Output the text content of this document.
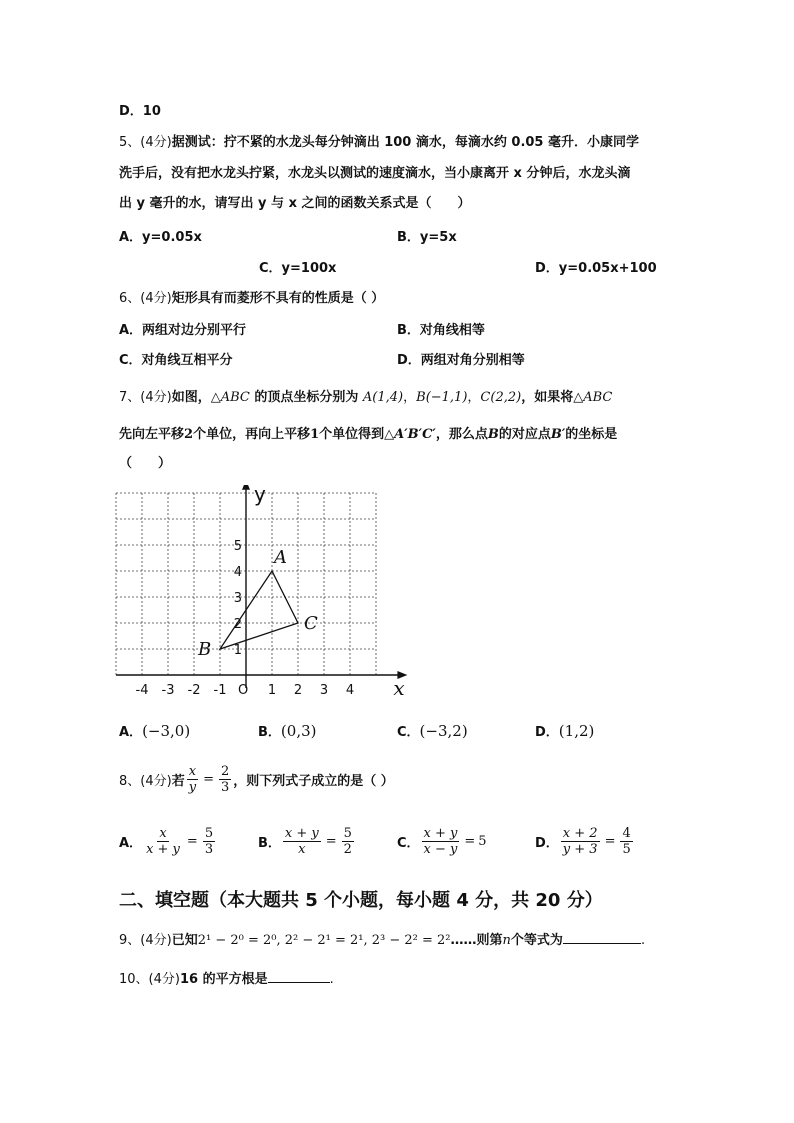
D．10
5、(4分)据测试：拧不紧的水龙头每分钟滴出 100 滴水，每滴水约 0.05 毫升．小康同学
洗手后，没有把水龙头拧紧，水龙头以测试的速度滴水，当小康离开 x 分钟后，水龙头滴
出 y 毫升的水，请写出 y 与 x 之间的函数关系式是（　　）
A．y=0.05x	B．y=5x
C．y=100x	D．y=0.05x+100
6、(4分)矩形具有而菱形不具有的性质是（ ）
A．两组对边分别平行	B．对角线相等
C．对角线互相平分	D．两组对角分别相等
7、(4分)如图，△ABC 的顶点坐标分别为 A(1,4)，B(−1,1)，C(2,2)，如果将△ABC
先向左平移2个单位，再向上平移1个单位得到△A′B′C′，那么点B的对应点B′的坐标是
（　　）
x
y
O
-4 -3 -2 -1	1 2 3 4
1
2
3
4
5
A
B
C
A．(−3,0)	B．(0,3)	C．(−3,2)	D．(1,2)
8、(4分) 若 $\frac{x}{y} = \frac{2}{3}$ ，则下列式子成立的是（ ）
A． $\frac{x}{x + y} = \frac{5}{3}$	B． $\frac{x + y}{x} = \frac{5}{2}$	C． $\frac{x + y}{x - y} = 5$	D． $\frac{x + 2}{y + 3} = \frac{4}{5}$
二、填空题（本大题共 5 个小题，每小题 4 分，共 20 分）
9、(4分)已知2¹ − 2⁰ = 2⁰, 2² − 2¹ = 2¹, 2³ − 2² = 2²……则第n个等式为	.
10、(4分)16 的平方根是	.
